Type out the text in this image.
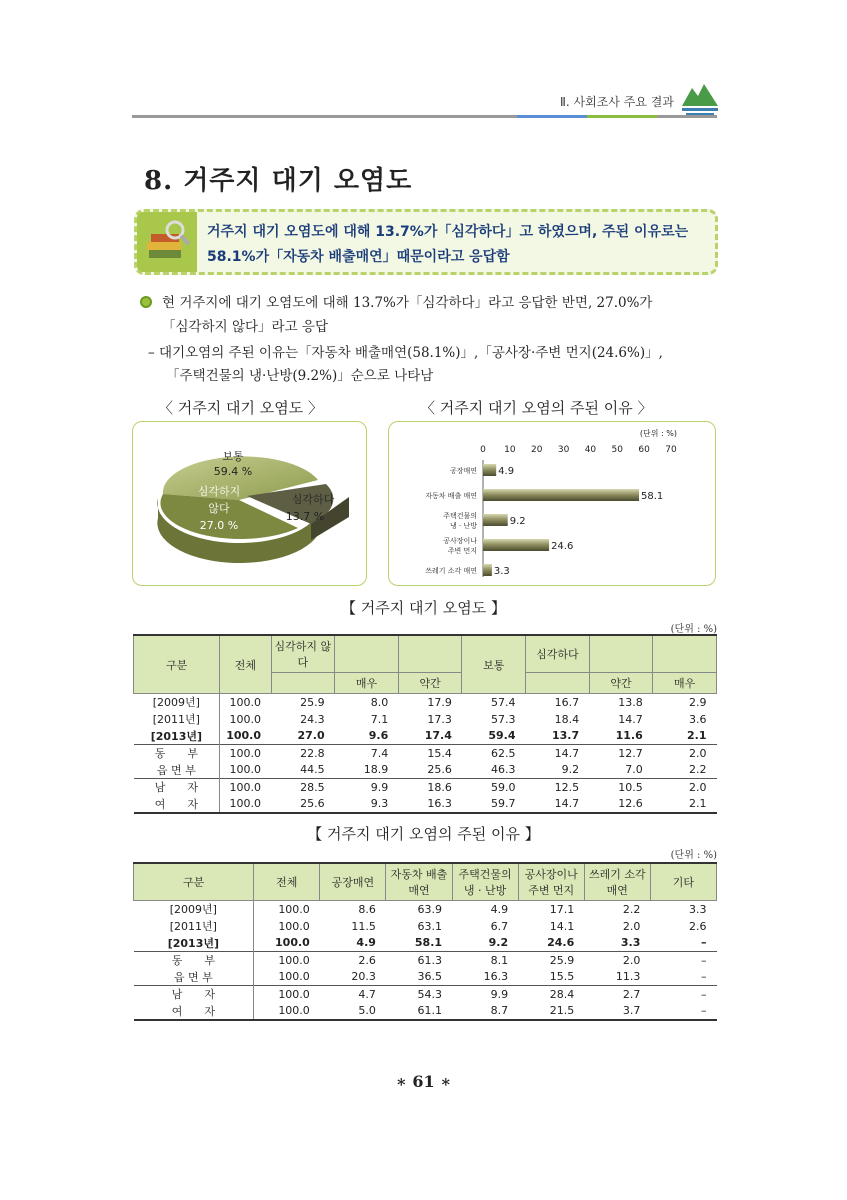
Ⅱ. 사회조사 주요 결과
8. 거주지 대기 오염도
거주지 대기 오염도에 대해 13.7%가「심각하다」고 하였으며, 주된 이유로는
58.1%가「자동차 배출매연」때문이라고 응답함
현 거주지에 대기 오염도에 대해 13.7%가「심각하다」라고 응답한 반면, 27.0%가
「심각하지 않다」라고 응답
– 대기오염의 주된 이유는「자동차 배출매연(58.1%)」,「공사장·주변 먼지(24.6%)」,
「주택건물의 냉·난방(9.2%)」순으로 나타남
〈 거주지 대기 오염도 〉	〈 거주지 대기 오염의 주된 이유 〉
보통
59.4 %
심각하지
않다
27.0 %
심각하다
13.7 %
(단위 : %)
0 10 20 30 40 50 60 70
공장매연 4.9
자동차 배출 매연	58.1
주택건물의
냉 · 난방	9.2
공사장이나
주변 먼지	24.6
쓰레기 소각 매연 3.3
【 거주지 대기 오염도 】
(단위 : %)
구분	전체	심각하지 않다			보통	심각하다		
			매우	약간			약간	매우
[2009년]	100.0	25.9	8.0	17.9	57.4	16.7	13.8	2.9
[2011년]	100.0	24.3	7.1	17.3	57.3	18.4	14.7	3.6
[2013년]	100.0	27.0	9.6	17.4	59.4	13.7	11.6	2.1
동　　부	100.0	22.8	7.4	15.4	62.5	14.7	12.7	2.0
읍 면 부	100.0	44.5	18.9	25.6	46.3	9.2	7.0	2.2
남　　자	100.0	28.5	9.9	18.6	59.0	12.5	10.5	2.0
여　　자	100.0	25.6	9.3	16.3	59.7	14.7	12.6	2.1
【 거주지 대기 오염의 주된 이유 】
(단위 : %)
구분	전체	공장매연	자동차 배출 매연	주택건물의 냉 · 난방	공사장이나 주변 먼지	쓰레기 소각 매연	기타
[2009년]	100.0	8.6	63.9	4.9	17.1	2.2	3.3
[2011년]	100.0	11.5	63.1	6.7	14.1	2.0	2.6
[2013년]	100.0	4.9	58.1	9.2	24.6	3.3	–
동　　부	100.0	2.6	61.3	8.1	25.9	2.0	–
읍 면 부	100.0	20.3	36.5	16.3	15.5	11.3	–
남　　자	100.0	4.7	54.3	9.9	28.4	2.7	–
여　　자	100.0	5.0	61.1	8.7	21.5	3.7	–
∗ 61 ∗
